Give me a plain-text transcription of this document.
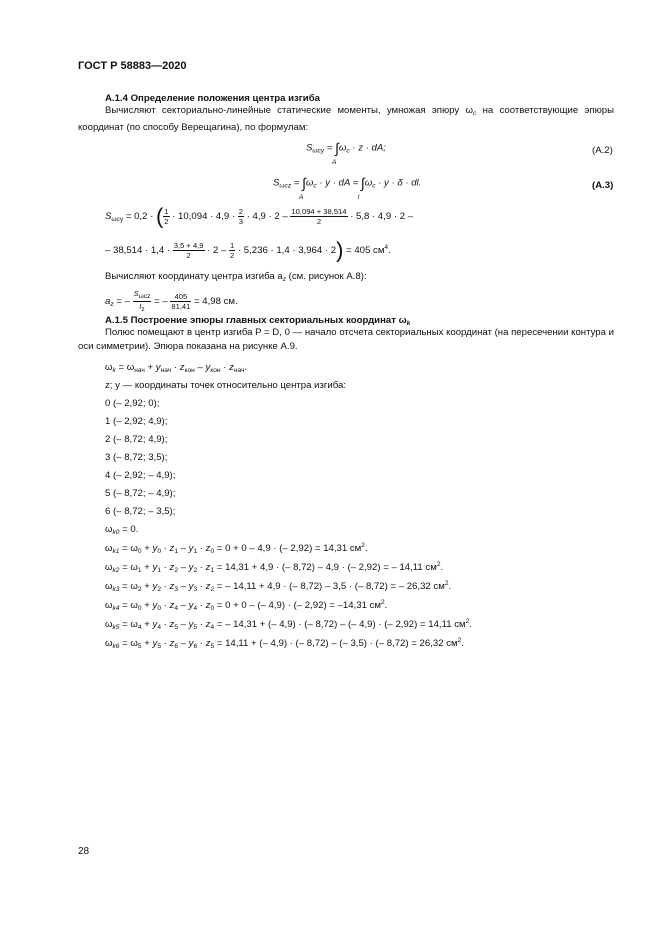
ГОСТ Р 58883—2020
А.1.4 Определение положения центра изгиба
Вычисляют секториально-линейные статические моменты, умножая эпюру $\omega_c$ на соответствующие эпюры координат (по способу Верещагина), по формулам:
$S_{\omega cy}$ = ∫
A
$\omega_c \cdot z$ · dA;	(А.2)
$S_{\omega cz}$ = ∫
A
$\omega_c \cdot y$ · dA = ∫
l
$\omega_c \cdot y \cdot \delta$ · dl.	(А.3)
$S_{\omega cy} = 0,2$ · ( $\frac{1}{2} \cdot 10,094 \cdot 4,9 \cdot \frac{2}{3} \cdot 4,9 \cdot 2 - \frac{10,094 + 38,514}{2} \cdot 5,8 \cdot 4,9 \cdot 2$ –
– $38,514 \cdot 1,4 \cdot \frac{3,5 + 4,9}{2} \cdot 2 - \frac{1}{2} \cdot 5,236 \cdot 1,4 \cdot 3,964 \cdot 2) = 405$ $см^4$.
Вычисляют координату центра изгиба $a_z$ (см. рисунок А.8):
$a_z$ = – $\frac{\text{Sωcz}}{Iz}$ = – $\frac{405}{81,41} = 4,98$ см.
А.1.5 Построение эпюры главных секториальных координат $\omega_k$
Полюс помещают в центр изгиба P = D, 0 — начало отсчета секториальных координат (на пересечении контура и оси симметрии). Эпюра показана на рисунке А.9.
$\omega_k = \omega_{нач} + y_{нач} \cdot z_{кон} - y_{кон} \cdot z_{нач}$.
z; y — координаты точек относительно центра изгиба:
0 (– 2,92; 0);
1 (– 2,92; 4,9);
2 (– 8,72; 4,9);
3 (– 8,72; 3,5);
4 (– 2,92; – 4,9);
5 (– 8,72; – 4,9);
6 (– 8,72; – 3,5);
$\omega_{k0} = 0$.
$\omega_{k1} = \omega_0 + y_0 \cdot z_1 - y_1 \cdot z_0 = 0 + 0 - 4,9$ · (– 2,92) = 14,31 $см^2$.
$\omega_{k2} = \omega_1 + y_1 \cdot z_2 - y_2 \cdot z_1 = 14,31 + 4,9$ · (– 8,72) – 4,9 · (– 2,92) = – 14,11 $см^2$.
$\omega_{k3} = \omega_2 + y_2 \cdot z_3 - y_3 \cdot z_2$ = – 14,11 + 4,9 · (– 8,72) – 3,5 · (– 8,72) = – 26,32 $см^2$.
$\omega_{k4} = \omega_0 + y_0 \cdot z_4 - y_4 \cdot z_0 = 0 + 0$ – (– 4,9) · (– 2,92) = –14,31 $см^2$.
$\omega_{k5} = \omega_4 + y_4 \cdot z_5 - y_5 \cdot z_4$ = – 14,31 + (– 4,9) · (– 8,72) – (– 4,9) · (– 2,92) = 14,11 $см^2$.
$\omega_{k6} = \omega_5 + y_5 \cdot z_6 - y_6 \cdot z_5 = 14,11$ + (– 4,9) · (– 8,72) – (– 3,5) · (– 8,72) = 26,32 $см^2$.
28
